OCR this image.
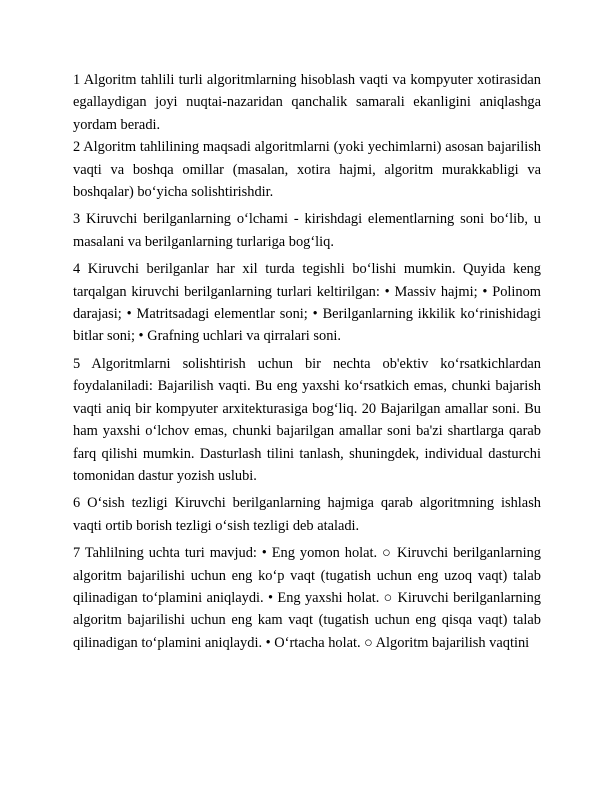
1 Algoritm tahlili turli algoritmlarning hisoblash vaqti va kompyuter xotirasidan egallaydigan joyi nuqtai-nazaridan qanchalik samarali ekanligini aniqlashga yordam beradi.

2 Algoritm tahlilining maqsadi algoritmlarni (yoki yechimlarni) asosan bajarilish vaqti va boshqa omillar (masalan, xotira hajmi, algoritm murakkabligi va boshqalar) bo‘yicha solishtirishdir.

3 Kiruvchi berilganlarning o‘lchami - kirishdagi elementlarning soni bo‘lib, u masalani va berilganlarning turlariga bog‘liq.

4 Kiruvchi berilganlar har xil turda tegishli bo‘lishi mumkin. Quyida keng tarqalgan kiruvchi berilganlarning turlari keltirilgan: • Massiv hajmi; • Polinom darajasi; • Matritsadagi elementlar soni; • Berilganlarning ikkilik ko‘rinishidagi bitlar soni; • Grafning uchlari va qirralari soni.

5 Algoritmlarni solishtirish uchun bir nechta ob'ektiv ko‘rsatkichlardan foydalaniladi: Bajarilish vaqti. Bu eng yaxshi ko‘rsatkich emas, chunki bajarish vaqti aniq bir kompyuter arxitekturasiga bog‘liq. 20 Bajarilgan amallar soni. Bu ham yaxshi o‘lchov emas, chunki bajarilgan amallar soni ba'zi shartlarga qarab farq qilishi mumkin. Dasturlash tilini tanlash, shuningdek, individual dasturchi tomonidan dastur yozish uslubi.

6 O‘sish tezligi Kiruvchi berilganlarning hajmiga qarab algoritmning ishlash vaqti ortib borish tezligi o‘sish tezligi deb ataladi.

7 Tahlilning uchta turi mavjud: • Eng yomon holat. ○ Kiruvchi berilganlarning algoritm bajarilishi uchun eng ko‘p vaqt (tugatish uchun eng uzoq vaqt) talab qilinadigan to‘plamini aniqlaydi. • Eng yaxshi holat. ○ Kiruvchi berilganlarning algoritm bajarilishi uchun eng kam vaqt (tugatish uchun eng qisqa vaqt) talab qilinadigan to‘plamini aniqlaydi. • O‘rtacha holat. ○ Algoritm bajarilish vaqtini
